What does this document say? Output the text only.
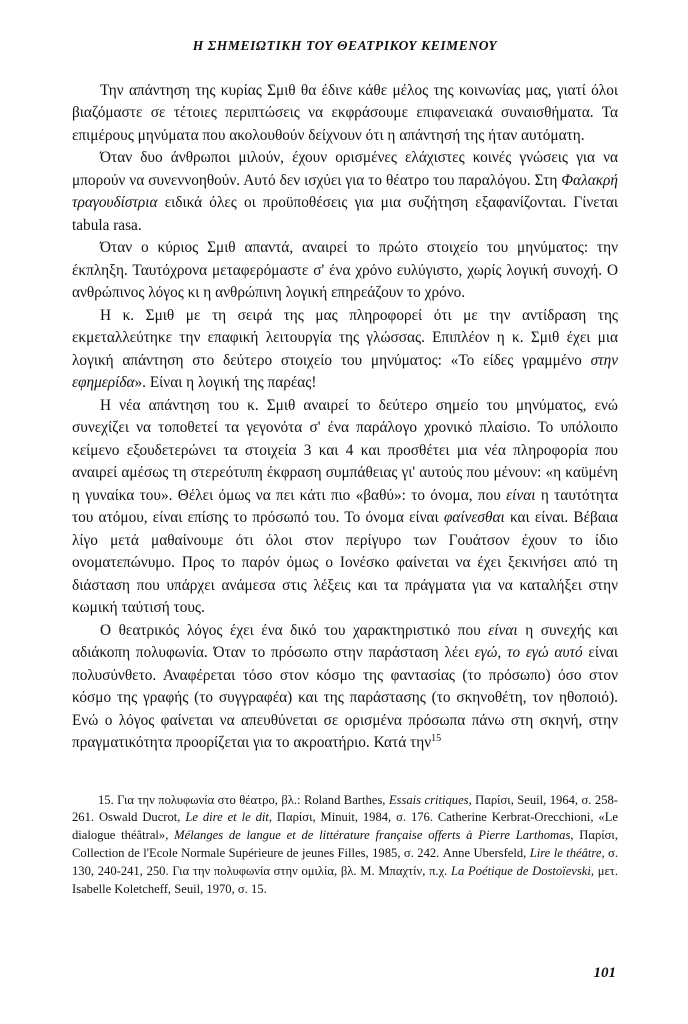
Η ΣΗΜΕΙΩΤΙΚΗ ΤΟΥ ΘΕΑΤΡΙΚΟΥ ΚΕΙΜΕΝΟΥ

Την απάντηση της κυρίας Σμιθ θα έδινε κάθε μέλος της κοινωνίας μας, γιατί όλοι βιαζόμαστε σε τέτοιες περιπτώσεις να εκφράσουμε επιφανειακά συναισθήματα. Τα επιμέρους μηνύματα που ακολουθούν δείχνουν ότι η απάντησή της ήταν αυτόματη.

Όταν δυο άνθρωποι μιλούν, έχουν ορισμένες ελάχιστες κοινές γνώσεις για να μπορούν να συνεννοηθούν. Αυτό δεν ισχύει για το θέατρο του παραλόγου. Στη Φαλακρή τραγουδίστρια ειδικά όλες οι προϋποθέσεις για μια συζήτηση εξαφανίζονται. Γίνεται tabula rasa.

Όταν ο κύριος Σμιθ απαντά, αναιρεί το πρώτο στοιχείο του μηνύματος: την έκπληξη. Ταυτόχρονα μεταφερόμαστε σ' ένα χρόνο ευλύγιστο, χωρίς λογική συνοχή. Ο ανθρώπινος λόγος κι η ανθρώπινη λογική επηρεάζουν το χρόνο.

Η κ. Σμιθ με τη σειρά της μας πληροφορεί ότι με την αντίδραση της εκμεταλλεύτηκε την επαφική λειτουργία της γλώσσας. Επιπλέον η κ. Σμιθ έχει μια λογική απάντηση στο δεύτερο στοιχείο του μηνύματος: «Το είδες γραμμένο στην εφημερίδα». Είναι η λογική της παρέας!

Η νέα απάντηση του κ. Σμιθ αναιρεί το δεύτερο σημείο του μηνύματος, ενώ συνεχίζει να τοποθετεί τα γεγονότα σ' ένα παράλογο χρονικό πλαίσιο. Το υπόλοιπο κείμενο εξουδετερώνει τα στοιχεία 3 και 4 και προσθέτει μια νέα πληροφορία που αναιρεί αμέσως τη στερεότυπη έκφραση συμπάθειας γι' αυτούς που μένουν: «η καϋμένη η γυναίκα του». Θέλει όμως να πει κάτι πιο «βαθύ»: το όνομα, που είναι η ταυτότητα του ατόμου, είναι επίσης το πρόσωπό του. Το όνομα είναι φαίνεσθαι και είναι. Βέβαια λίγο μετά μαθαίνουμε ότι όλοι στον περίγυρο των Γουάτσον έχουν το ίδιο ονοματεπώνυμο. Προς το παρόν όμως ο Ιονέσκο φαίνεται να έχει ξεκινήσει από τη διάσταση που υπάρχει ανάμεσα στις λέξεις και τα πράγματα για να καταλήξει στην κωμική ταύτισή τους.

Ο θεατρικός λόγος έχει ένα δικό του χαρακτηριστικό που είναι η συνεχής και αδιάκοπη πολυφωνία. Όταν το πρόσωπο στην παράσταση λέει εγώ, το εγώ αυτό είναι πολυσύνθετο. Αναφέρεται τόσο στον κόσμο της φαντασίας (το πρόσωπο) όσο στον κόσμο της γραφής (το συγγραφέα) και της παράστασης (το σκηνοθέτη, τον ηθοποιό). Ενώ ο λόγος φαίνεται να απευθύνεται σε ορισμένα πρόσωπα πάνω στη σκηνή, στην πραγματικότητα προορίζεται για το ακροατήριο. Κατά την$^{15}$

15. Για την πολυφωνία στο θέατρο, βλ.: Roland Barthes, Essais critiques, Παρίσι, Seuil, 1964, σ. 258-261. Oswald Ducrot, Le dire et le dit, Παρίσι, Minuit, 1984, σ. 176. Catherine Kerbrat-Orecchioni, «Le dialogue théâtral», Mélanges de langue et de littérature française offerts à Pierre Larthomas, Παρίσι, Collection de l'Ecole Normale Supérieure de jeunes Filles, 1985, σ. 242. Anne Ubersfeld, Lire le théâtre, σ. 130, 240-241, 250. Για την πολυφωνία στην ομιλία, βλ. Μ. Μπαχτίν, π.χ. La Poétique de Dostoïevski, μετ. Isabelle Koletcheff, Seuil, 1970, σ. 15.

101
